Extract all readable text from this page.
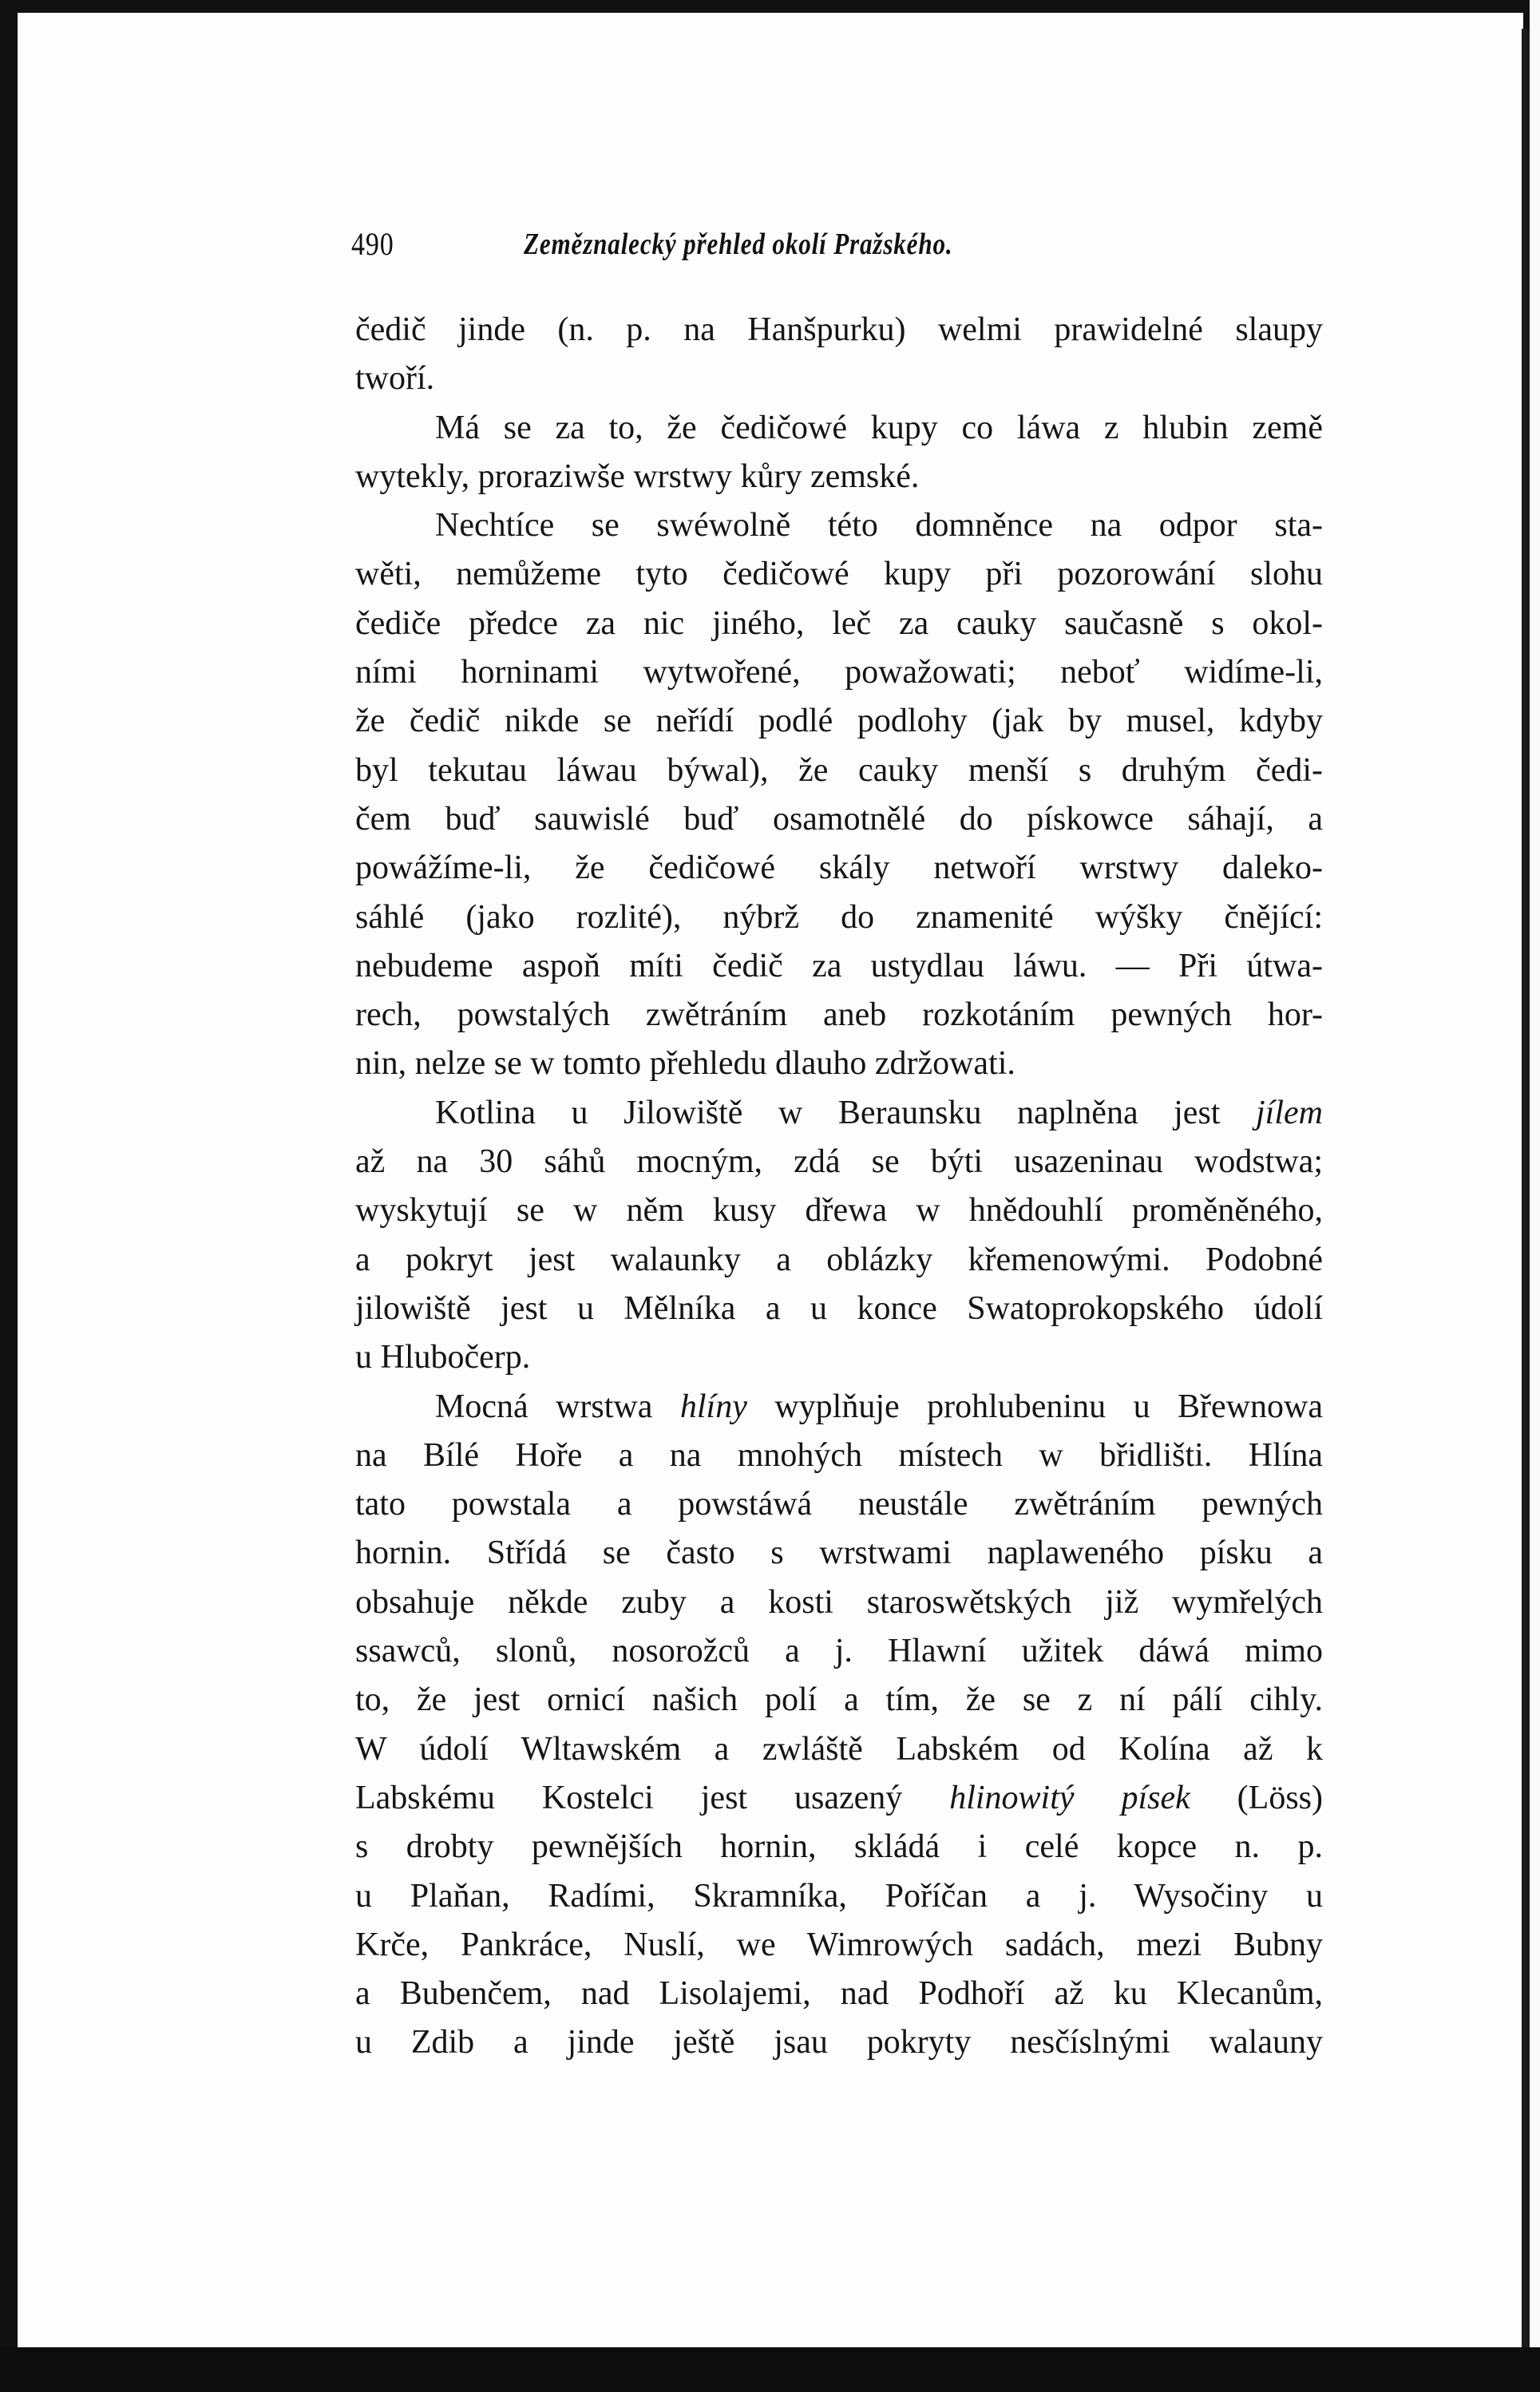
490	Zeměznalecký přehled okolí Pražského.
čedič jinde (n. p. na Hanšpurku) welmi prawidelné slaupy
twoří.
Má se za to, že čedičowé kupy co láwa z hlubin země
wytekly, proraziwše wrstwy kůry zemské.
Nechtíce se swéwolně této domněnce na odpor sta-
wěti, nemůžeme tyto čedičowé kupy při pozorowání slohu
čediče předce za nic jiného, leč za cauky saučasně s okol-
ními horninami wytwořené, powažowati; neboť widíme-li,
že čedič nikde se neřídí podlé podlohy (jak by musel, kdyby
byl tekutau láwau býwal), že cauky menší s druhým čedi-
čem buď sauwislé buď osamotnělé do pískowce sáhají, a
powážíme-li, že čedičowé skály netwoří wrstwy daleko-
sáhlé (jako rozlité), nýbrž do znamenité wýšky čnějící:
nebudeme aspoň míti čedič za ustydlau láwu. — Při útwa-
rech, powstalých zwětráním aneb rozkotáním pewných hor-
nin, nelze se w tomto přehledu dlauho zdržowati.
Kotlina u Jilowiště w Beraunsku naplněna jest jílem
až na 30 sáhů mocným, zdá se býti usazeninau wodstwa;
wyskytují se w něm kusy dřewa w hnědouhlí proměněného,
a pokryt jest walaunky a oblázky křemenowými. Podobné
jilowiště jest u Mělníka a u konce Swatoprokopského údolí
u Hlubočerp.
Mocná wrstwa hlíny wyplňuje prohlubeninu u Břewnowa
na Bílé Hoře a na mnohých místech w břidlišti. Hlína
tato powstala a powstáwá neustále zwětráním pewných
hornin. Střídá se často s wrstwami naplaweného písku a
obsahuje někde zuby a kosti staroswětských již wymřelých
ssawců, slonů, nosorožců a j. Hlawní užitek dáwá mimo
to, že jest ornicí našich polí a tím, že se z ní pálí cihly.
W údolí Wltawském a zwláště Labském od Kolína až k
Labskému Kostelci jest usazený hlinowitý písek (Löss)
s drobty pewnějších hornin, skládá i celé kopce n. p.
u Plaňan, Radími, Skramníka, Poříčan a j. Wysočiny u
Krče, Pankráce, Nuslí, we Wimrowých sadách, mezi Bubny
a Bubenčem, nad Lisolajemi, nad Podhoří až ku Klecanům,
u Zdib a jinde ještě jsau pokryty nesčíslnými walauny
